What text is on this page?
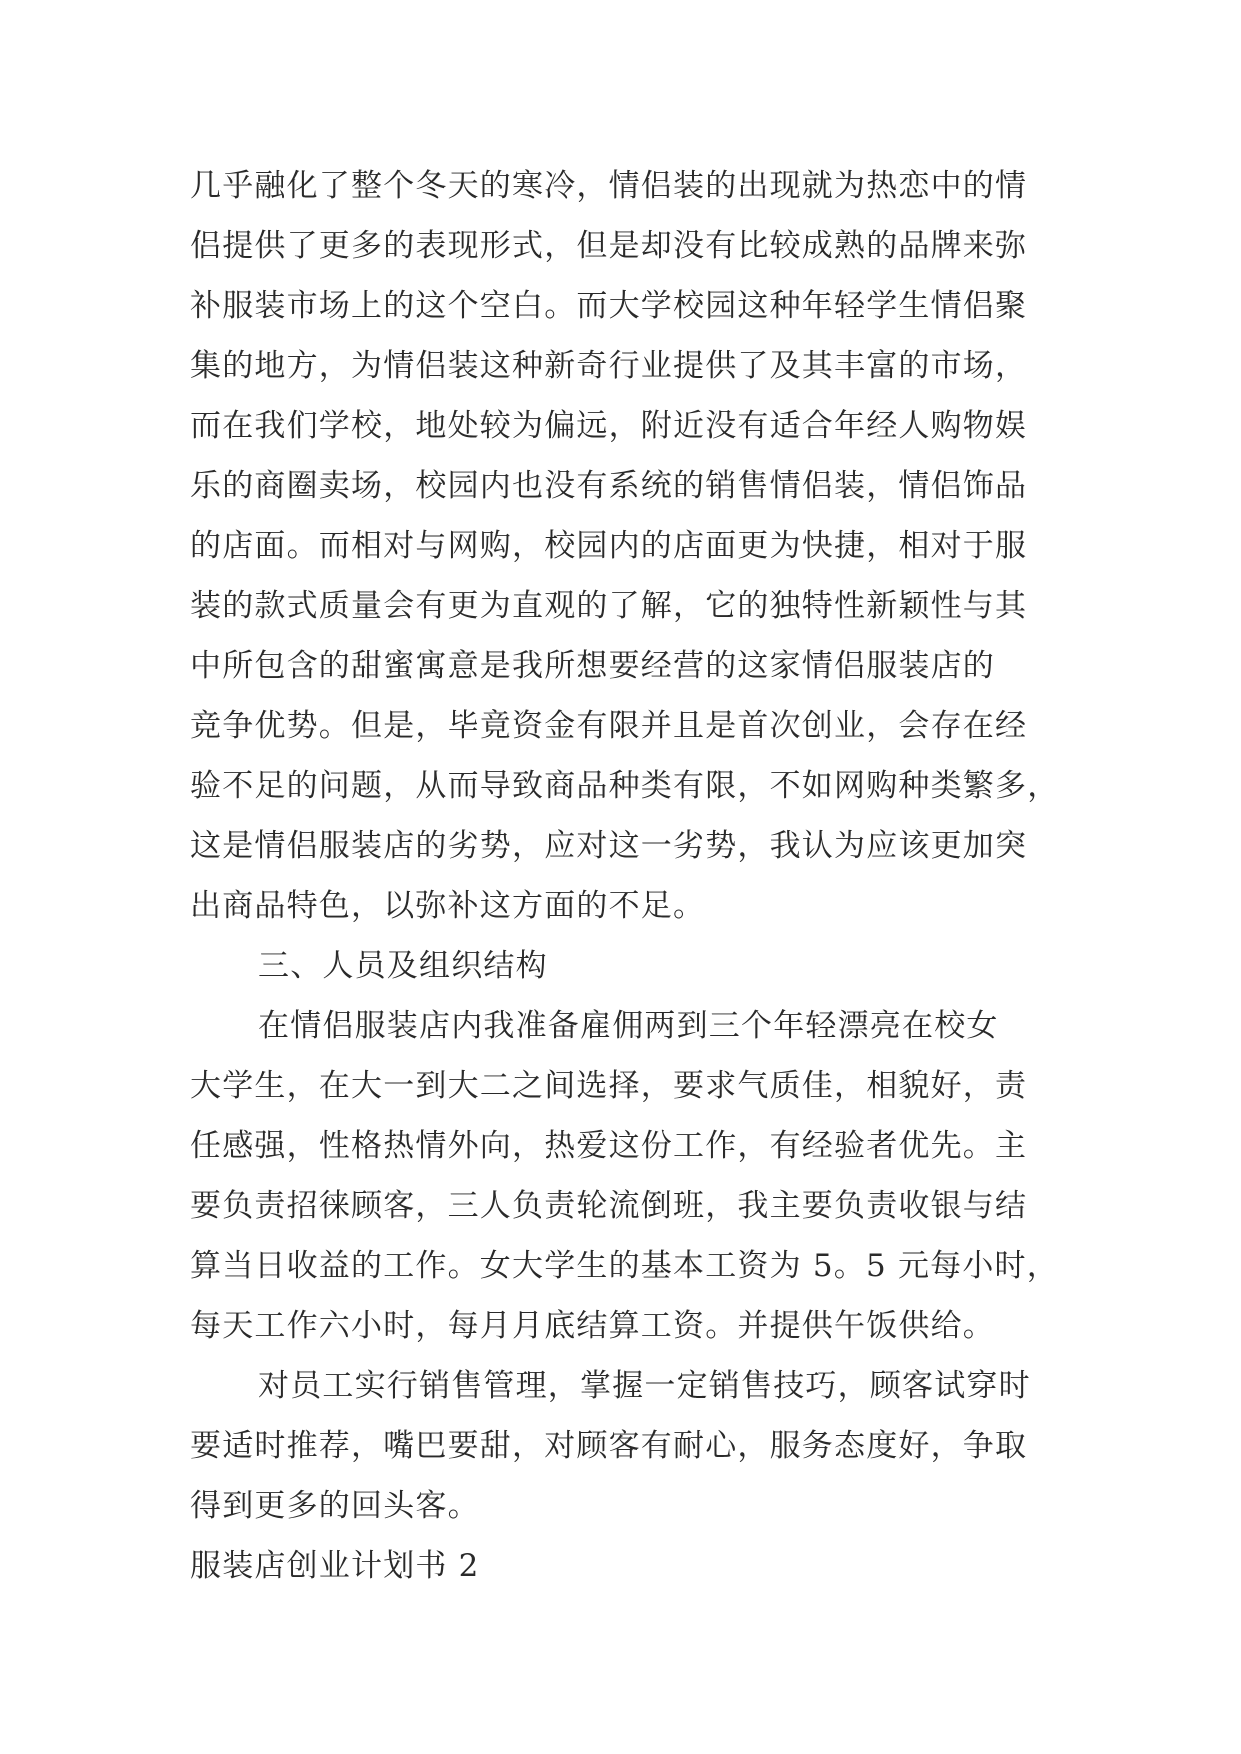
几乎融化了整个冬天的寒冷，情侣装的出现就为热恋中的情
侣提供了更多的表现形式，但是却没有比较成熟的品牌来弥
补服装市场上的这个空白。而大学校园这种年轻学生情侣聚
集的地方，为情侣装这种新奇行业提供了及其丰富的市场，
而在我们学校，地处较为偏远，附近没有适合年经人购物娱
乐的商圈卖场，校园内也没有系统的销售情侣装，情侣饰品
的店面。而相对与网购，校园内的店面更为快捷，相对于服
装的款式质量会有更为直观的了解，它的独特性新颖性与其
中所包含的甜蜜寓意是我所想要经营的这家情侣服装店的
竞争优势。但是，毕竟资金有限并且是首次创业，会存在经
验不足的问题，从而导致商品种类有限，不如网购种类繁多，
这是情侣服装店的劣势，应对这一劣势，我认为应该更加突
出商品特色，以弥补这方面的不足。
三、人员及组织结构
在情侣服装店内我准备雇佣两到三个年轻漂亮在校女
大学生，在大一到大二之间选择，要求气质佳，相貌好，责
任感强，性格热情外向，热爱这份工作，有经验者优先。主
要负责招徕顾客，三人负责轮流倒班，我主要负责收银与结
算当日收益的工作。女大学生的基本工资为 5。5 元每小时，
每天工作六小时，每月月底结算工资。并提供午饭供给。
对员工实行销售管理，掌握一定销售技巧，顾客试穿时
要适时推荐，嘴巴要甜，对顾客有耐心，服务态度好，争取
得到更多的回头客。
服装店创业计划书 2
